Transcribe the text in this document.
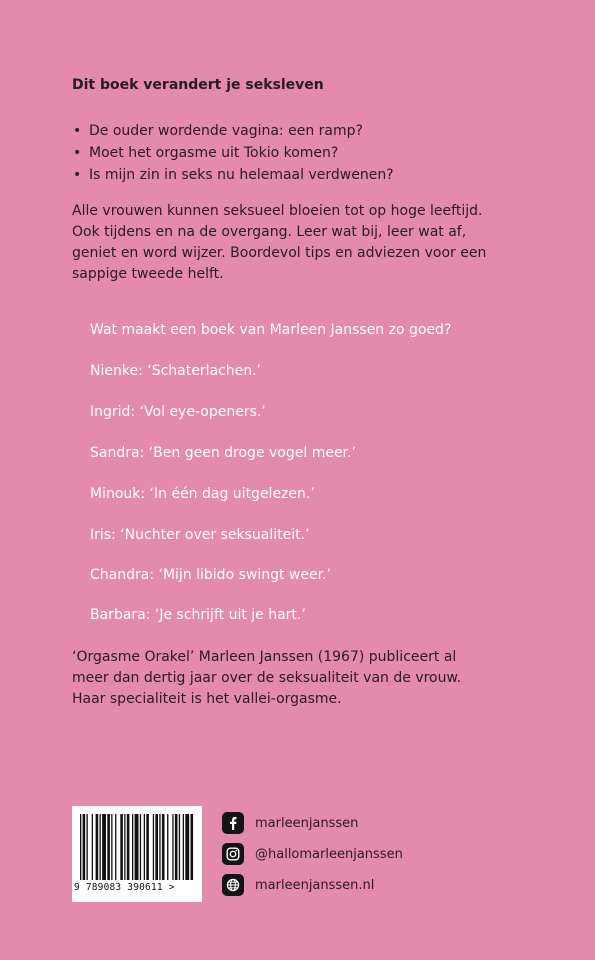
Dit boek verandert je seksleven
• De ouder wordende vagina: een ramp?
• Moet het orgasme uit Tokio komen?
• Is mijn zin in seks nu helemaal verdwenen?
Alle vrouwen kunnen seksueel bloeien tot op hoge leeftijd.
Ook tijdens en na de overgang. Leer wat bij, leer wat af,
geniet en word wijzer. Boordevol tips en adviezen voor een
sappige tweede helft.
Wat maakt een boek van Marleen Janssen zo goed?
Nienke: ‘Schaterlachen.’
Ingrid: ‘Vol eye-openers.’
Sandra: ‘Ben geen droge vogel meer.’
Minouk: ‘In één dag uitgelezen.’
Iris: ‘Nuchter over seksualiteit.’
Chandra: ‘Mijn libido swingt weer.’
Barbara: ‘Je schrijft uit je hart.’
‘Orgasme Orakel’ Marleen Janssen (1967) publiceert al
meer dan dertig jaar over de seksualiteit van de vrouw.
Haar specialiteit is het vallei-orgasme.
9 789083 390611 >
marleenjanssen
@hallomarleenjanssen
marleenjanssen.nl
